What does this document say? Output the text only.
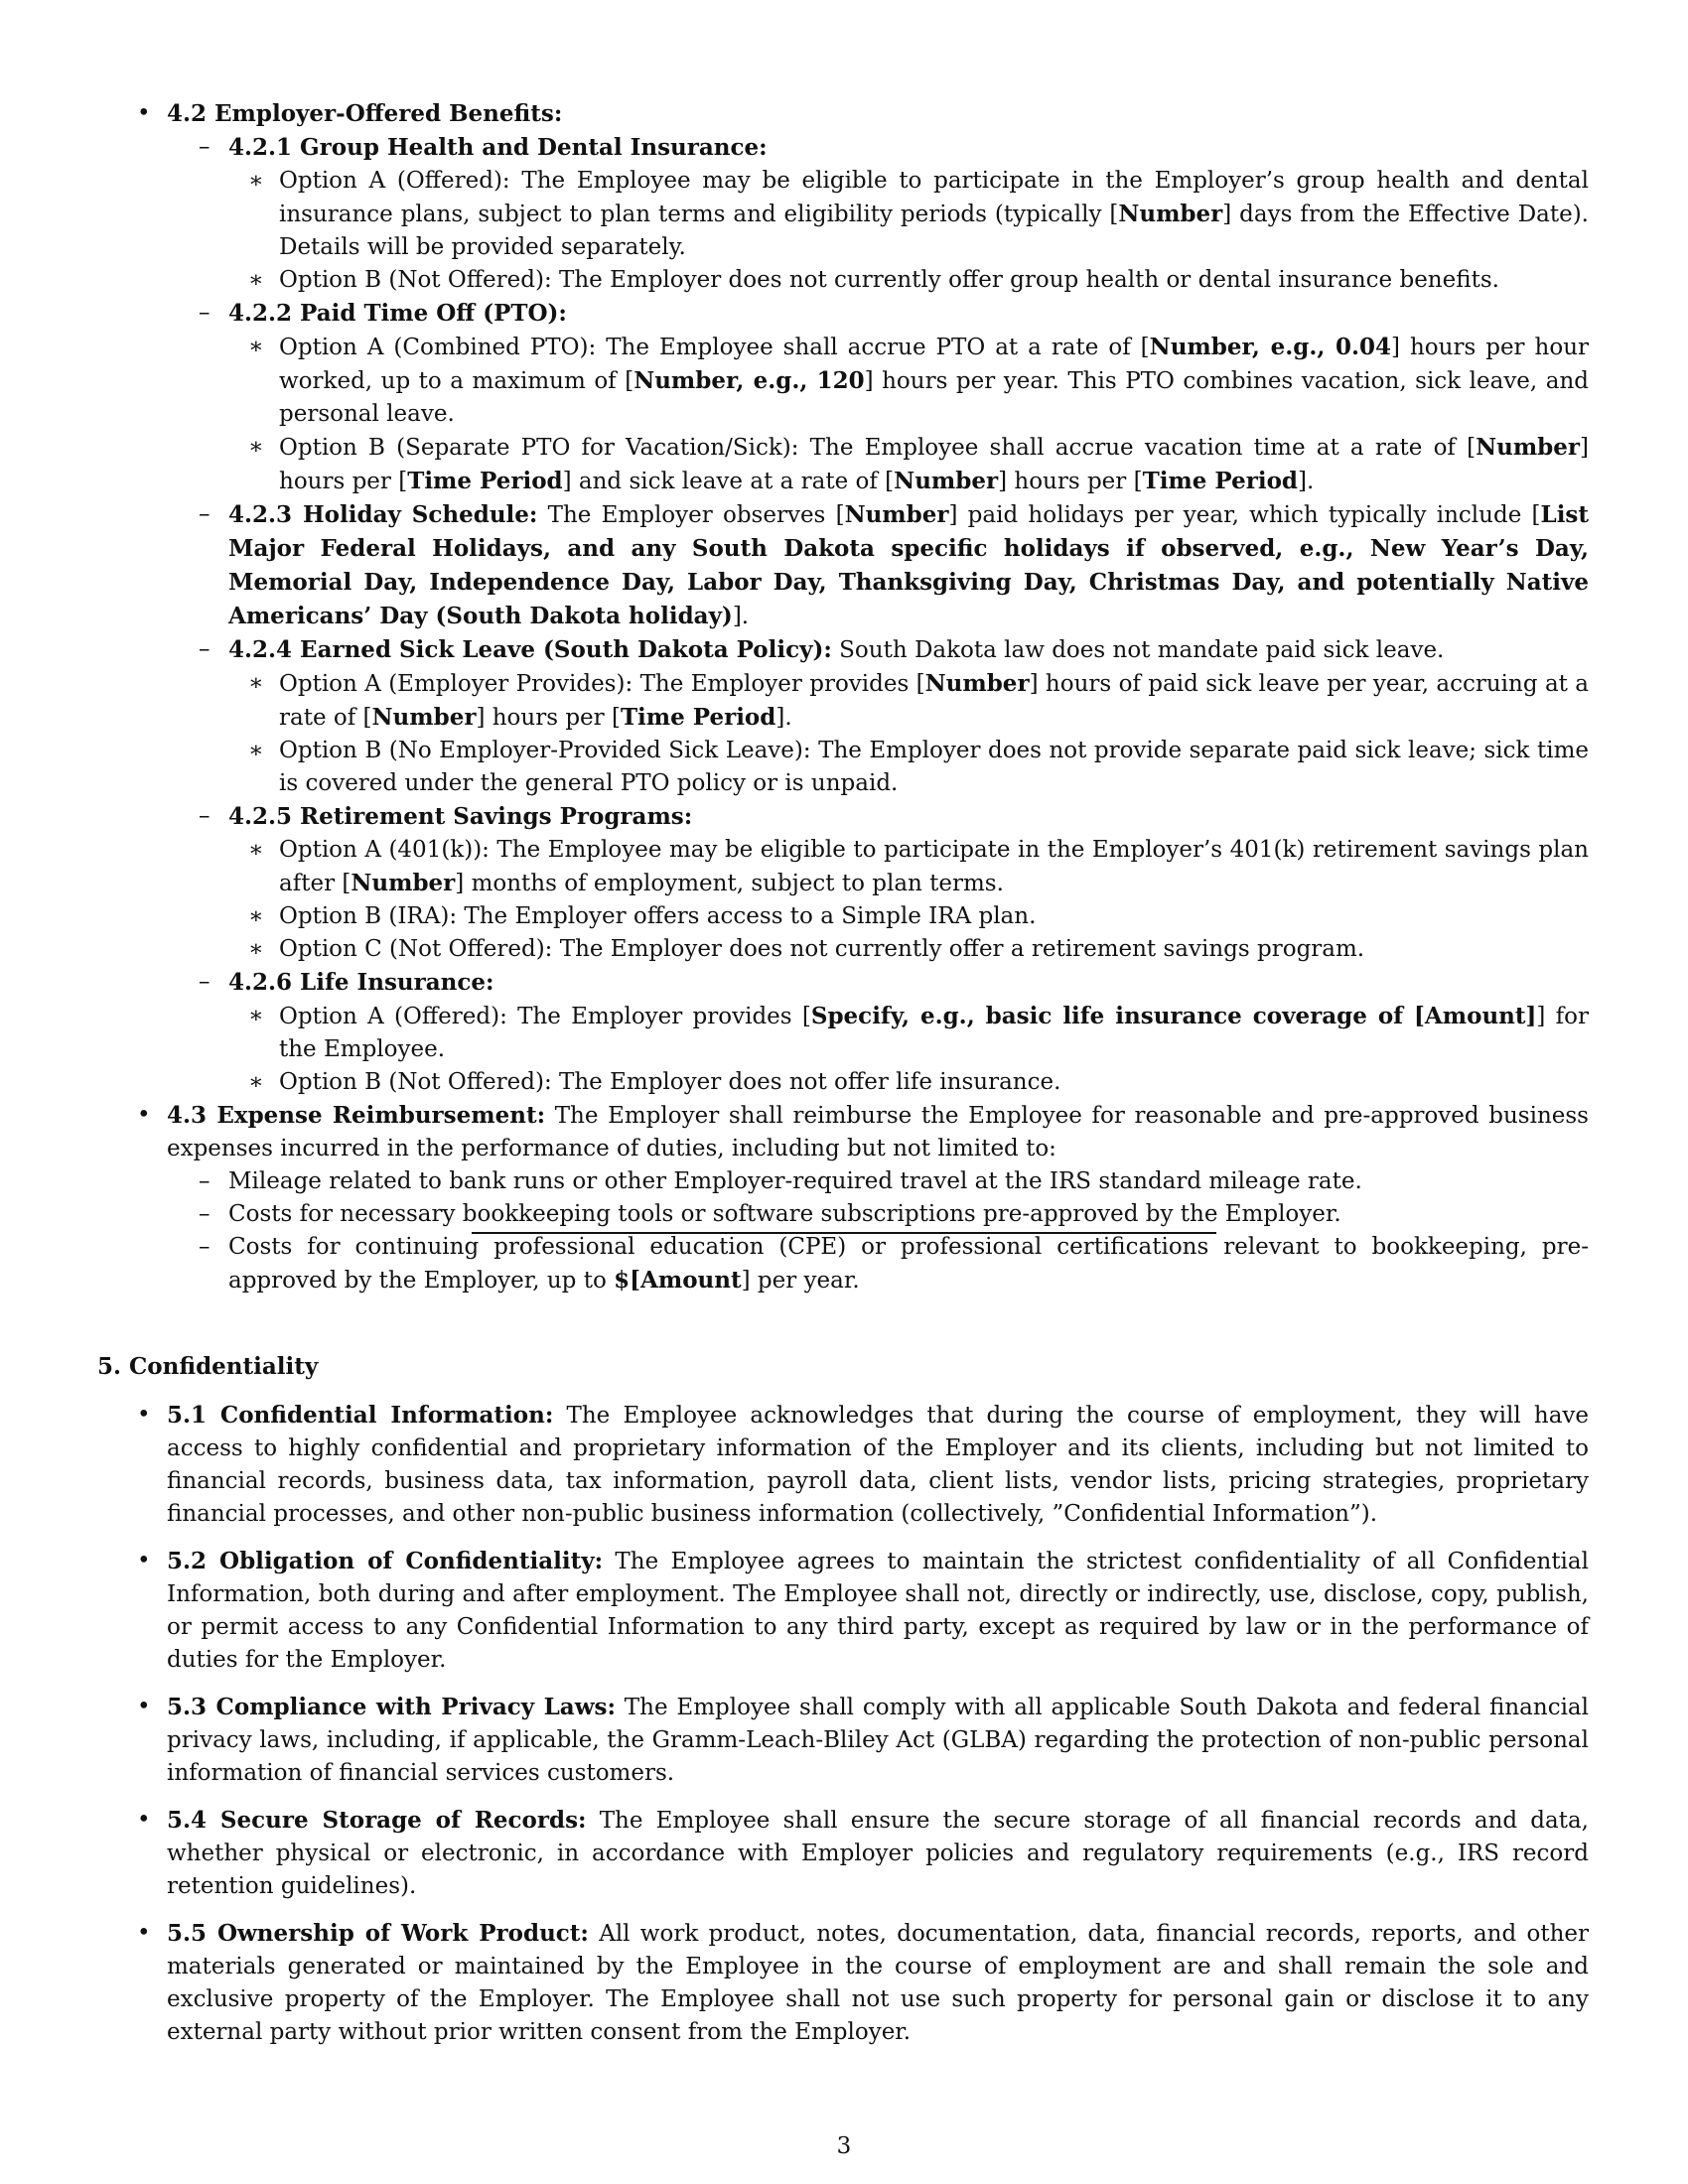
• 4.2 Employer-Offered Benefits:
– 4.2.1 Group Health and Dental Insurance:
∗ Option A (Offered): The Employee may be eligible to participate in the Employer’s group health and dental insurance plans, subject to plan terms and eligibility periods (typically [Number] days from the Effective Date). Details will be provided separately.
∗ Option B (Not Offered): The Employer does not currently offer group health or dental insurance benefits.
– 4.2.2 Paid Time Off (PTO):
∗ Option A (Combined PTO): The Employee shall accrue PTO at a rate of [Number, e.g., 0.04] hours per hour worked, up to a maximum of [Number, e.g., 120] hours per year. This PTO combines vacation, sick leave, and personal leave.
∗ Option B (Separate PTO for Vacation/Sick): The Employee shall accrue vacation time at a rate of [Number] hours per [Time Period] and sick leave at a rate of [Number] hours per [Time Period].
– 4.2.3 Holiday Schedule: The Employer observes [Number] paid holidays per year, which typically include [List Major Federal Holidays, and any South Dakota specific holidays if observed, e.g., New Year’s Day, Memorial Day, Independence Day, Labor Day, Thanksgiving Day, Christmas Day, and potentially Native Americans’ Day (South Dakota holiday)].
– 4.2.4 Earned Sick Leave (South Dakota Policy): South Dakota law does not mandate paid sick leave.
∗ Option A (Employer Provides): The Employer provides [Number] hours of paid sick leave per year, accruing at a rate of [Number] hours per [Time Period].
∗ Option B (No Employer-Provided Sick Leave): The Employer does not provide separate paid sick leave; sick time is covered under the general PTO policy or is unpaid.
– 4.2.5 Retirement Savings Programs:
∗ Option A (401(k)): The Employee may be eligible to participate in the Employer’s 401(k) retirement savings plan after [Number] months of employment, subject to plan terms.
∗ Option B (IRA): The Employer offers access to a Simple IRA plan.
∗ Option C (Not Offered): The Employer does not currently offer a retirement savings program.
– 4.2.6 Life Insurance:
∗ Option A (Offered): The Employer provides [Specify, e.g., basic life insurance coverage of [Amount]] for the Employee.
∗ Option B (Not Offered): The Employer does not offer life insurance.
• 4.3 Expense Reimbursement: The Employer shall reimburse the Employee for reasonable and pre-approved business expenses incurred in the performance of duties, including but not limited to:
– Mileage related to bank runs or other Employer-required travel at the IRS standard mileage rate.
– Costs for necessary bookkeeping tools or software subscriptions pre-approved by the Employer.
– Costs for continuing professional education (CPE) or professional certifications relevant to bookkeeping, pre-approved by the Employer, up to $[Amount] per year.
5. Confidentiality
• 5.1 Confidential Information: The Employee acknowledges that during the course of employment, they will have access to highly confidential and proprietary information of the Employer and its clients, including but not limited to financial records, business data, tax information, payroll data, client lists, vendor lists, pricing strategies, proprietary financial processes, and other non-public business information (collectively, ”Confidential Information”).
• 5.2 Obligation of Confidentiality: The Employee agrees to maintain the strictest confidentiality of all Confidential Information, both during and after employment. The Employee shall not, directly or indirectly, use, disclose, copy, publish, or permit access to any Confidential Information to any third party, except as required by law or in the performance of duties for the Employer.
• 5.3 Compliance with Privacy Laws: The Employee shall comply with all applicable South Dakota and federal financial privacy laws, including, if applicable, the Gramm-Leach-Bliley Act (GLBA) regarding the protection of non-public personal information of financial services customers.
• 5.4 Secure Storage of Records: The Employee shall ensure the secure storage of all financial records and data, whether physical or electronic, in accordance with Employer policies and regulatory requirements (e.g., IRS record retention guidelines).
• 5.5 Ownership of Work Product: All work product, notes, documentation, data, financial records, reports, and other materials generated or maintained by the Employee in the course of employment are and shall remain the sole and exclusive property of the Employer. The Employee shall not use such property for personal gain or disclose it to any external party without prior written consent from the Employer.
3
